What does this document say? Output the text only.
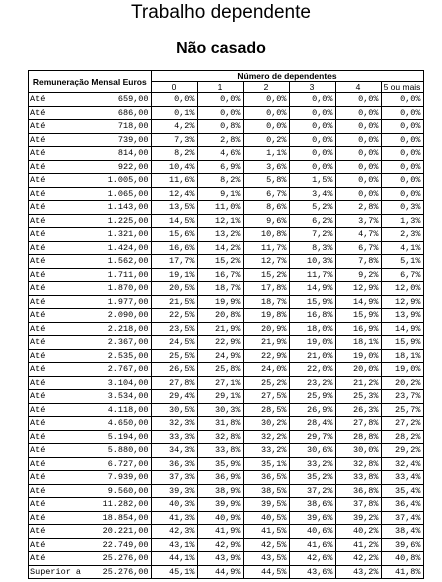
Trabalho dependente
Não casado
Remuneração Mensal Euros		Número de dependentes					
		0	1	2	3	4	5 ou mais
Até	659,00	0,0%	0,0%	0,0%	0,0%	0,0%	0,0%
Até	686,00	0,1%	0,0%	0,0%	0,0%	0,0%	0,0%
Até	718,00	4,2%	0,8%	0,0%	0,0%	0,0%	0,0%
Até	739,00	7,3%	2,8%	0,2%	0,0%	0,0%	0,0%
Até	814,00	8,2%	4,6%	1,1%	0,0%	0,0%	0,0%
Até	922,00	10,4%	6,9%	3,6%	0,0%	0,0%	0,0%
Até	1.005,00	11,6%	8,2%	5,8%	1,5%	0,0%	0,0%
Até	1.065,00	12,4%	9,1%	6,7%	3,4%	0,0%	0,0%
Até	1.143,00	13,5%	11,0%	8,6%	5,2%	2,8%	0,3%
Até	1.225,00	14,5%	12,1%	9,6%	6,2%	3,7%	1,3%
Até	1.321,00	15,6%	13,2%	10,8%	7,2%	4,7%	2,3%
Até	1.424,00	16,6%	14,2%	11,7%	8,3%	6,7%	4,1%
Até	1.562,00	17,7%	15,2%	12,7%	10,3%	7,8%	5,1%
Até	1.711,00	19,1%	16,7%	15,2%	11,7%	9,2%	6,7%
Até	1.870,00	20,5%	18,7%	17,8%	14,9%	12,9%	12,0%
Até	1.977,00	21,5%	19,9%	18,7%	15,9%	14,9%	12,9%
Até	2.090,00	22,5%	20,8%	19,8%	16,8%	15,9%	13,9%
Até	2.218,00	23,5%	21,9%	20,9%	18,0%	16,9%	14,9%
Até	2.367,00	24,5%	22,9%	21,9%	19,0%	18,1%	15,9%
Até	2.535,00	25,5%	24,9%	22,9%	21,0%	19,0%	18,1%
Até	2.767,00	26,5%	25,8%	24,0%	22,0%	20,0%	19,0%
Até	3.104,00	27,8%	27,1%	25,2%	23,2%	21,2%	20,2%
Até	3.534,00	29,4%	29,1%	27,5%	25,9%	25,3%	23,7%
Até	4.118,00	30,5%	30,3%	28,5%	26,9%	26,3%	25,7%
Até	4.650,00	32,3%	31,8%	30,2%	28,4%	27,8%	27,2%
Até	5.194,00	33,3%	32,8%	32,2%	29,7%	28,8%	28,2%
Até	5.880,00	34,3%	33,8%	33,2%	30,6%	30,0%	29,2%
Até	6.727,00	36,3%	35,9%	35,1%	33,2%	32,8%	32,4%
Até	7.939,00	37,3%	36,9%	36,5%	35,2%	33,8%	33,4%
Até	9.560,00	39,3%	38,9%	38,5%	37,2%	36,8%	35,4%
Até	11.282,00	40,3%	39,9%	39,5%	38,6%	37,8%	36,4%
Até	18.854,00	41,3%	40,9%	40,5%	39,6%	39,2%	37,4%
Até	20.221,00	42,3%	41,9%	41,5%	40,6%	40,2%	38,4%
Até	22.749,00	43,1%	42,9%	42,5%	41,6%	41,2%	39,6%
Até	25.276,00	44,1%	43,9%	43,5%	42,6%	42,2%	40,8%
Superior a	25.276,00	45,1%	44,9%	44,5%	43,6%	43,2%	41,8%
